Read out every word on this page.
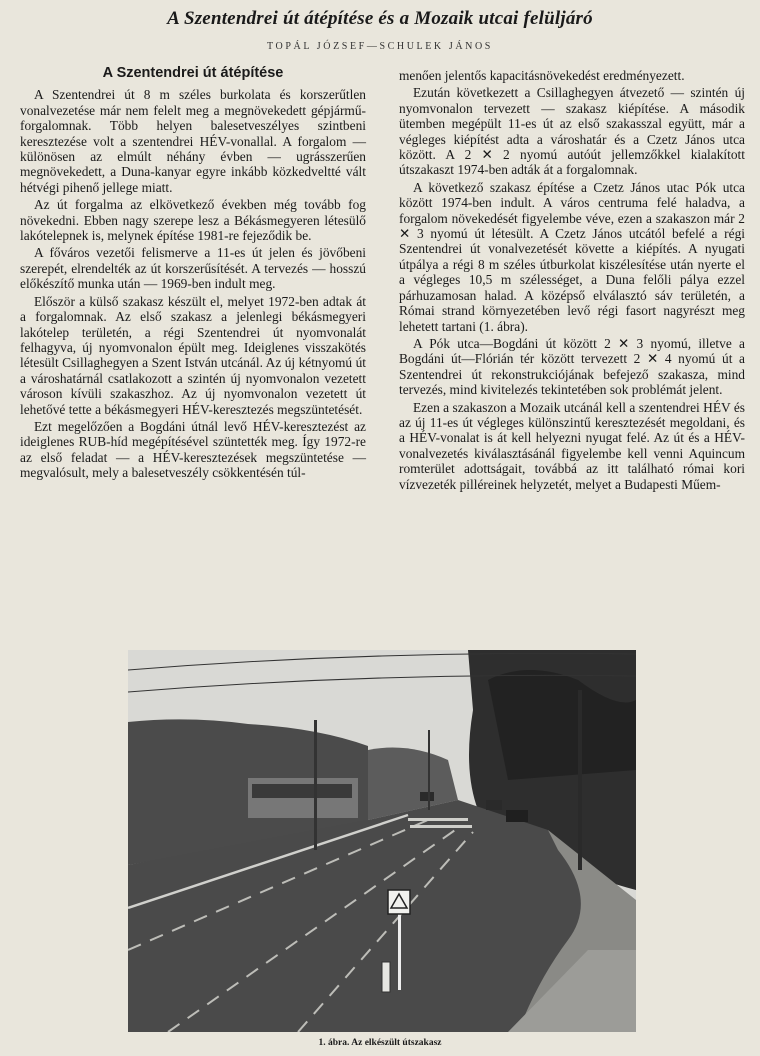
A Szentendrei út átépítése és a Mozaik utcai felüljáró
TOPÁL JÓZSEF—SCHULEK JÁNOS
A Szentendrei út átépítése

A Szentendrei út 8 m széles burkolata és korszerűtlen vonalvezetése már nem felelt meg a megnövekedett gépjármű-forgalomnak. Több helyen balesetveszélyes szintbeni keresztezése volt a szentendrei HÉV-vonallal. A forgalom — különösen az elmúlt néhány évben — ugrásszerűen megnövekedett, a Duna-kanyar egyre inkább közkedveltté vált hétvégi pihenő jellege miatt.

Az út forgalma az elkövetkező években még tovább fog növekedni. Ebben nagy szerepe lesz a Békásmegyeren létesülő lakótelepnek is, melynek építése 1981-re fejeződik be.

A főváros vezetői felismerve a 11-es út jelen és jövőbeni szerepét, elrendelték az út korszerűsítését. A tervezés — hosszú előkészítő munka után — 1969-ben indult meg.

Először a külső szakasz készült el, melyet 1972-ben adtak át a forgalomnak. Az első szakasz a jelenlegi békásmegyeri lakótelep területén, a régi Szentendrei út nyomvonalát felhagyva, új nyomvonalon épült meg. Ideiglenes visszakötés létesült Csillaghegyen a Szent István utcánál. Az új kétnyomú út a városhatárnál csatlakozott a szintén új nyomvonalon vezetett városon kívüli szakaszhoz. Az új nyomvonalon vezetett út lehetővé tette a békásmegyeri HÉV-keresztezés megszüntetését.

Ezt megelőzően a Bogdáni útnál levő HÉV-keresztezést az ideiglenes RUB-híd megépítésével szüntették meg. Így 1972-re az első feladat — a HÉV-keresztezések megszüntetése — megvalósult, mely a balesetveszély csökkentésén túl-

menően jelentős kapacitásnövekedést eredményezett.

Ezután következett a Csillaghegyen átvezető — szintén új nyomvonalon tervezett — szakasz kiépítése. A második ütemben megépült 11-es út az első szakasszal együtt, már a végleges kiépítést adta a városhatár és a Czetz János utca között. A 2 ✕ 2 nyomú autóút jellemzőkkel kialakított útszakaszt 1974-ben adták át a forgalomnak.

A következő szakasz építése a Czetz János utac Pók utca között 1974-ben indult. A város centruma felé haladva, a forgalom növekedését figyelembe véve, ezen a szakaszon már 2 ✕ 3 nyomú út létesült. A Czetz János utcától befelé a régi Szentendrei út vonalvezetését követte a kiépítés. A nyugati útpálya a régi 8 m széles útburkolat kiszélesítése után nyerte el a végleges 10,5 m szélességet, a Duna felőli pálya ezzel párhuzamosan halad. A középső elválasztó sáv területén, a Római strand környezetében levő régi fasort nagyrészt meg lehetett tartani (1. ábra).

A Pók utca—Bogdáni út között 2 ✕ 3 nyomú, illetve a Bogdáni út—Flórián tér között tervezett 2 ✕ 4 nyomú út a Szentendrei út rekonstrukciójának befejező szakasza, mind tervezés, mind kivitelezés tekintetében sok problémát jelent.

Ezen a szakaszon a Mozaik utcánál kell a szentendrei HÉV és az új 11-es út végleges különszintű keresztezését megoldani, és a HÉV-vonalat is át kell helyezni nyugat felé. Az út és a HÉV-vonalvezetés kiválasztásánál figyelembe kell venni Aquincum romterület adottságait, továbbá az itt található római kori vízvezeték pilléreinek helyzetét, melyet a Budapesti Műem-

1. ábra. Az elkészült útszakasz
